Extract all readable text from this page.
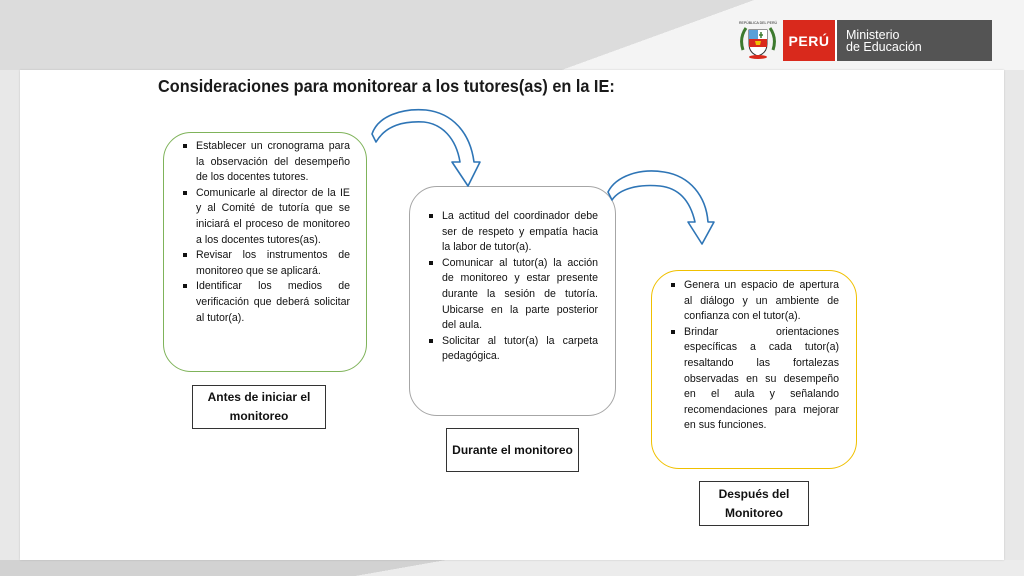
REPÚBLICA DEL PERÚ
PERÚ	Ministerio
de Educación
Consideraciones para monitorear a los tutores(as) en la IE:
Establecer un cronograma para la observación del desempeño de los docentes tutores.
Comunicarle al director de la IE y al Comité de tutoría que se iniciará el proceso de monitoreo a los docentes tutores(as).
Revisar los instrumentos de monitoreo que se aplicará.
Identificar los medios de verificación que deberá solicitar al tutor(a).
La actitud del coordinador debe ser de respeto y empatía hacia la labor de tutor(a).
Comunicar al tutor(a) la acción de monitoreo y estar presente durante la sesión de tutoría. Ubicarse en la parte posterior del aula.
Solicitar al tutor(a) la carpeta pedagógica.
Genera un espacio de apertura al diálogo y un ambiente de confianza con el tutor(a).
Brindar orientaciones específicas a cada tutor(a) resaltando las fortalezas observadas en su desempeño en el aula y señalando recomendaciones para mejorar en sus funciones.
Antes de iniciar el monitoreo
Durante el monitoreo
Después del Monitoreo
